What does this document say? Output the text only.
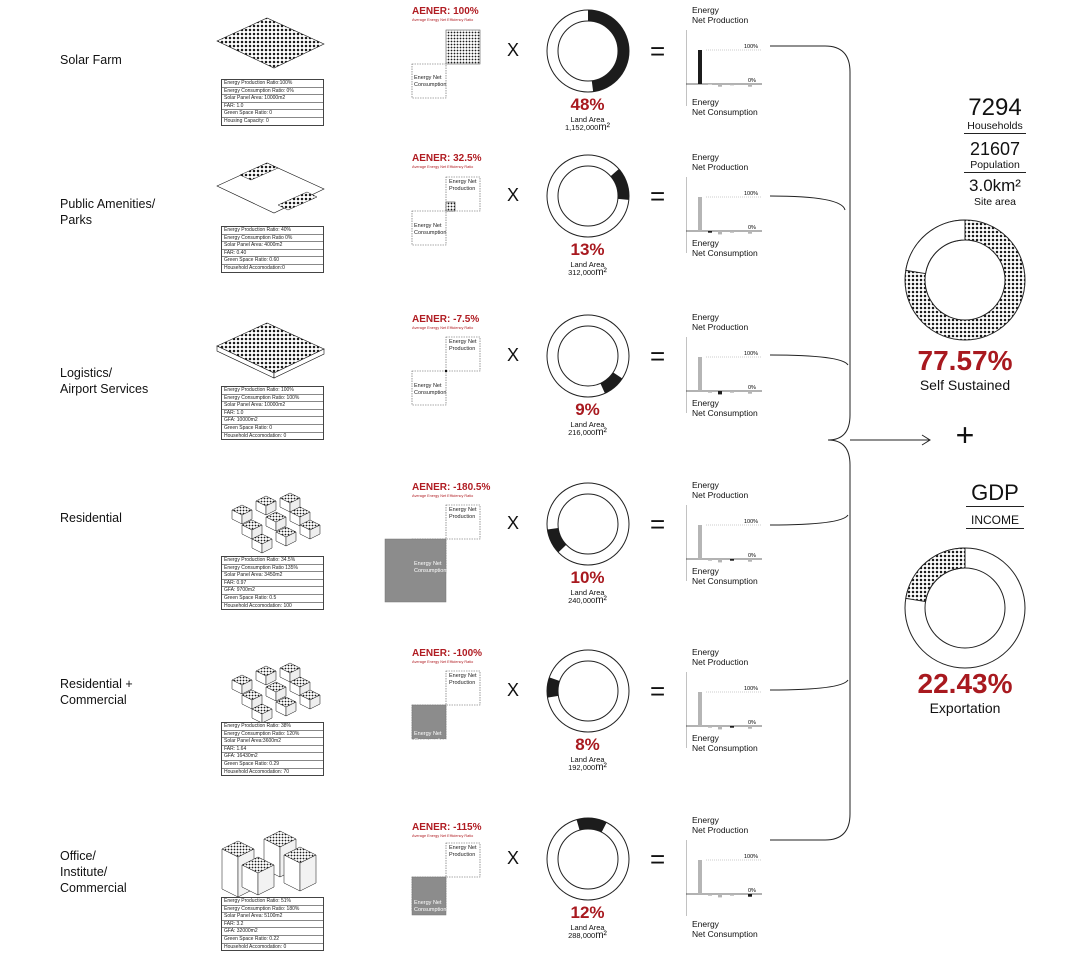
Solar Farm
Energy Production Ratio:100%
Energy Consumption Ratio: 0%
Solar Panel Area: 10000m2
FAR: 1.0
Green Space Ratio: 0
Housing Capacity: 0
AENER: 100%
Average Energy Net Efficiency Ratio
Energy Net
Consumption
X	=
48%
Land Area
1,152,000m²
Energy
Net Production
100%
0%
Energy
Net Consumption
Public Amenities/
Parks
Energy Production Ratio: 40%
Energy Consumption Ratio 0%
Solar Panel Area: 4000m2
FAR: 0.40
Green Space Ratio: 0.60
Household Accomodation:0
AENER: 32.5%
Average Energy Net Efficiency Ratio
Energy Net
Production
Energy Net
Consumption
X	=
13%
Land Area
312,000m²
Energy
Net Production
100%
0%
Energy
Net Consumption
Logistics/
Airport Services	Energy Production Ratio: 100%
Energy Consumption Ratio: 100%
Solar Panel Area: 10000m2
FAR: 1.0
GFA: 10000m2
Green Space Ratio: 0
Household Accomodation: 0
AENER: -7.5%
Average Energy Net Efficiency Ratio
Energy Net
Production
Energy Net
Consumption
X	=
9%
Land Area
216,000m²
Energy
Net Production
100%
0%
Energy
Net Consumption
Residential
Energy Production Ratio: 34.5%
Energy Consumption Ratio 135%
Solar Panel Area: 3450m2
FAR: 0.97
GFA: 9700m2
Green Space Ratio: 0.5
Household Accomodation: 100
AENER: -180.5%
Average Energy Net Efficiency Ratio
Energy Net
Production
Energy Net
Consumption
X	=
10%
Land Area
240,000m²
Energy
Net Production
100%
0%
Energy
Net Consumption
Residential +
Commercial
Energy Production Ratio: 38%
Energy Consumption Ratio: 120%
Solar Panel Area:3600m2
FAR: 1.64
GFA: 16430m2
Green Space Ratio: 0.29
Household Accomodation: 70
AENER: -100%
Average Energy Net Efficiency Ratio
Energy Net
Production
Energy Net
Consumption
X	=
8%
Land Area
192,000m²
Energy
Net Production
100%
0%
Energy
Net Consumption
Office/
Institute/
Commercial
Energy Production Ratio: 51%
Energy Consumption Ratio: 180%
Solar Panel Area: 5100m2
FAR: 3.2
GFA: 32000m2
Green Space Ratio: 0.22
Household Accomodation: 0
AENER: -115%
Average Energy Net Efficiency Ratio
Energy Net
Production
Energy Net
Consumption
X	=
12%
Land Area
288,000m²
Energy
Net Production
100%
0%
Energy
Net Consumption
7294
Households
21607
Population
3.0km²
Site area
77.57%
Self Sustained
+
GDP
INCOME
22.43%
Exportation
